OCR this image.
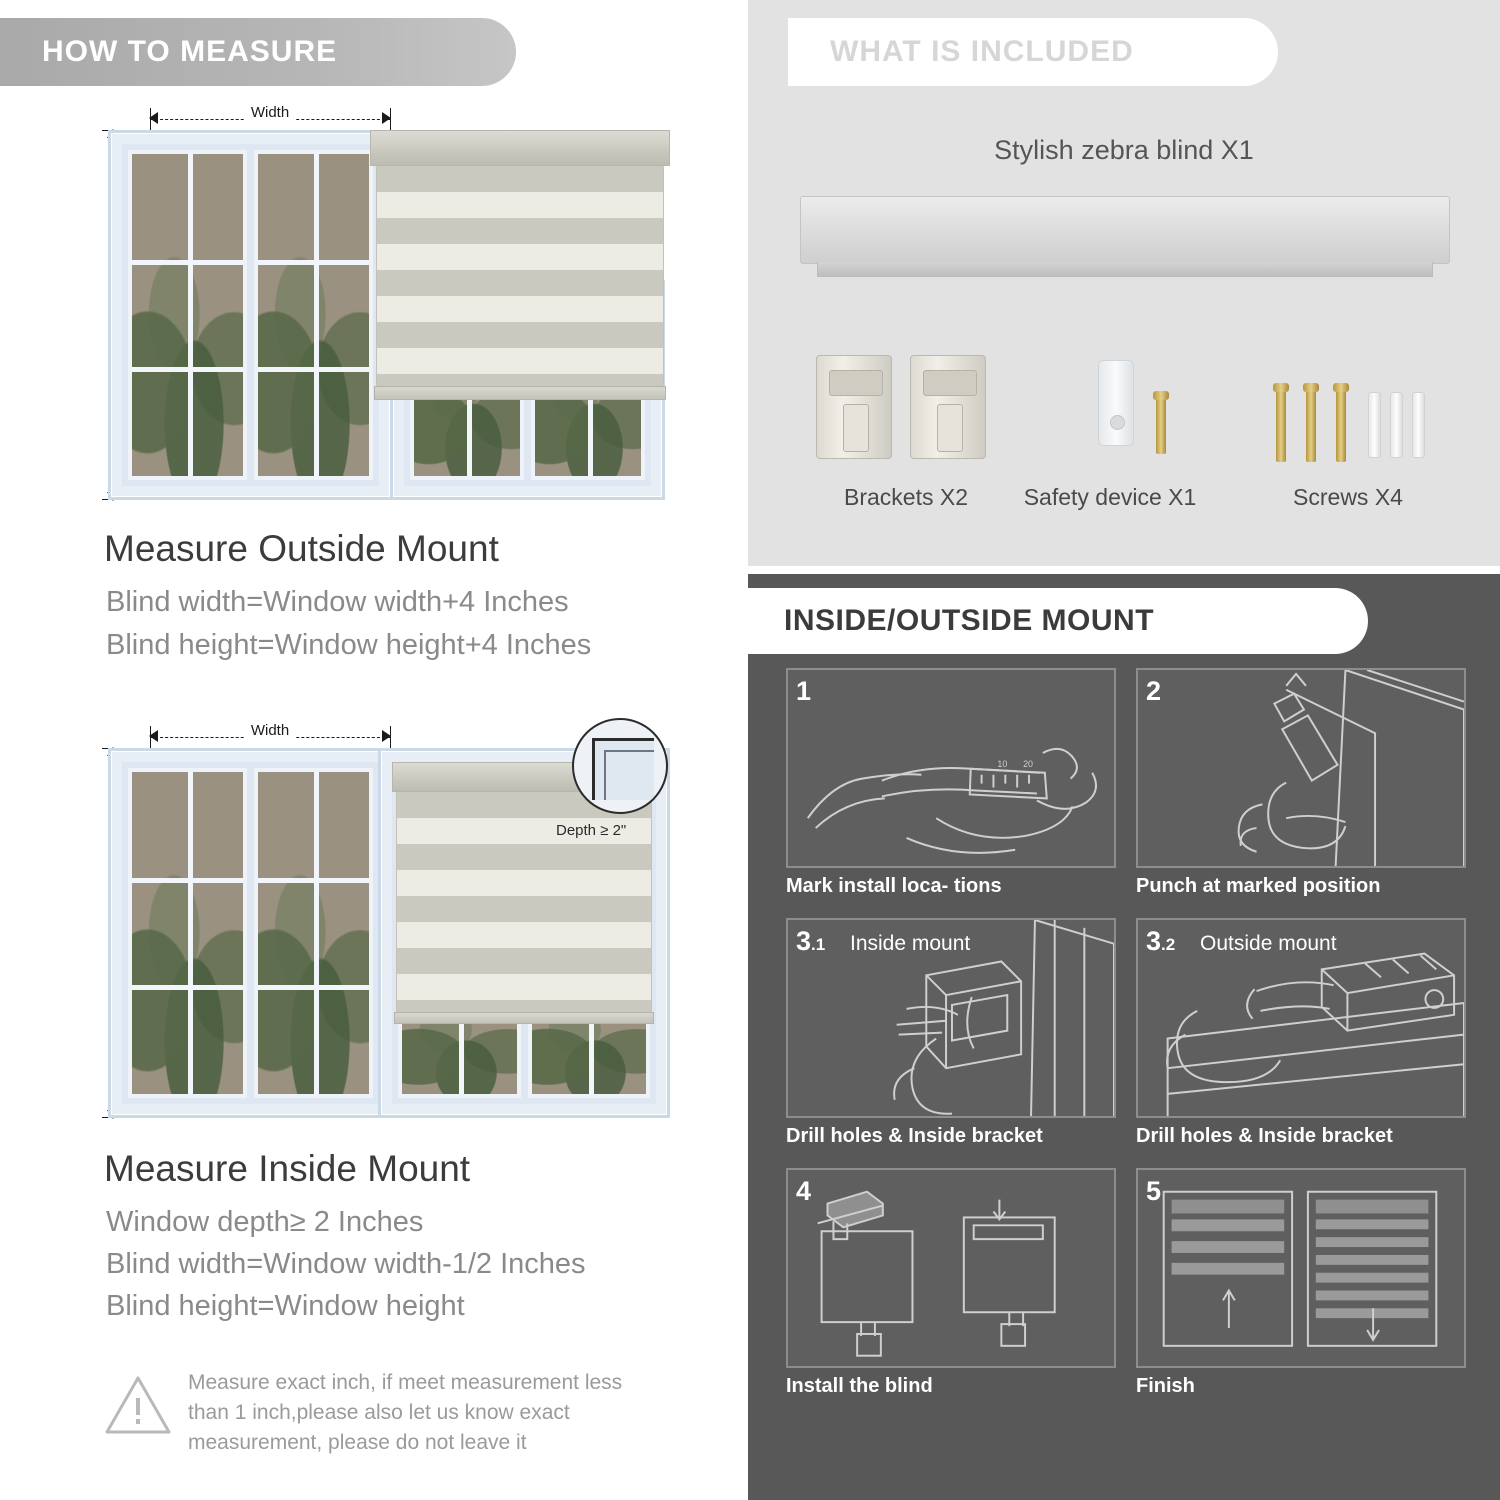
HOW TO MEASURE
Width
Measure Outside Mount
Blind width=Window width+4 Inches
Blind height=Window height+4 Inches
Width
Depth ≥ 2"
Measure Inside Mount
Window depth≥ 2 Inches
Blind width=Window width-1/2 Inches
Blind height=Window height
Measure exact inch, if meet measurement less than 1 inch,please also let us know exact measurement, please do not leave it
WHAT IS INCLUDED
Stylish zebra blind X1
Brackets X2	Safety device X1	Screws X4
INSIDE/OUTSIDE MOUNT
10 20
1
Mark install loca- tions
2
Punch at marked position
3.1 Inside mount
Drill holes & Inside bracket
3.2 Outside mount
Drill holes & Inside bracket
4
Install the blind
5
Finish
